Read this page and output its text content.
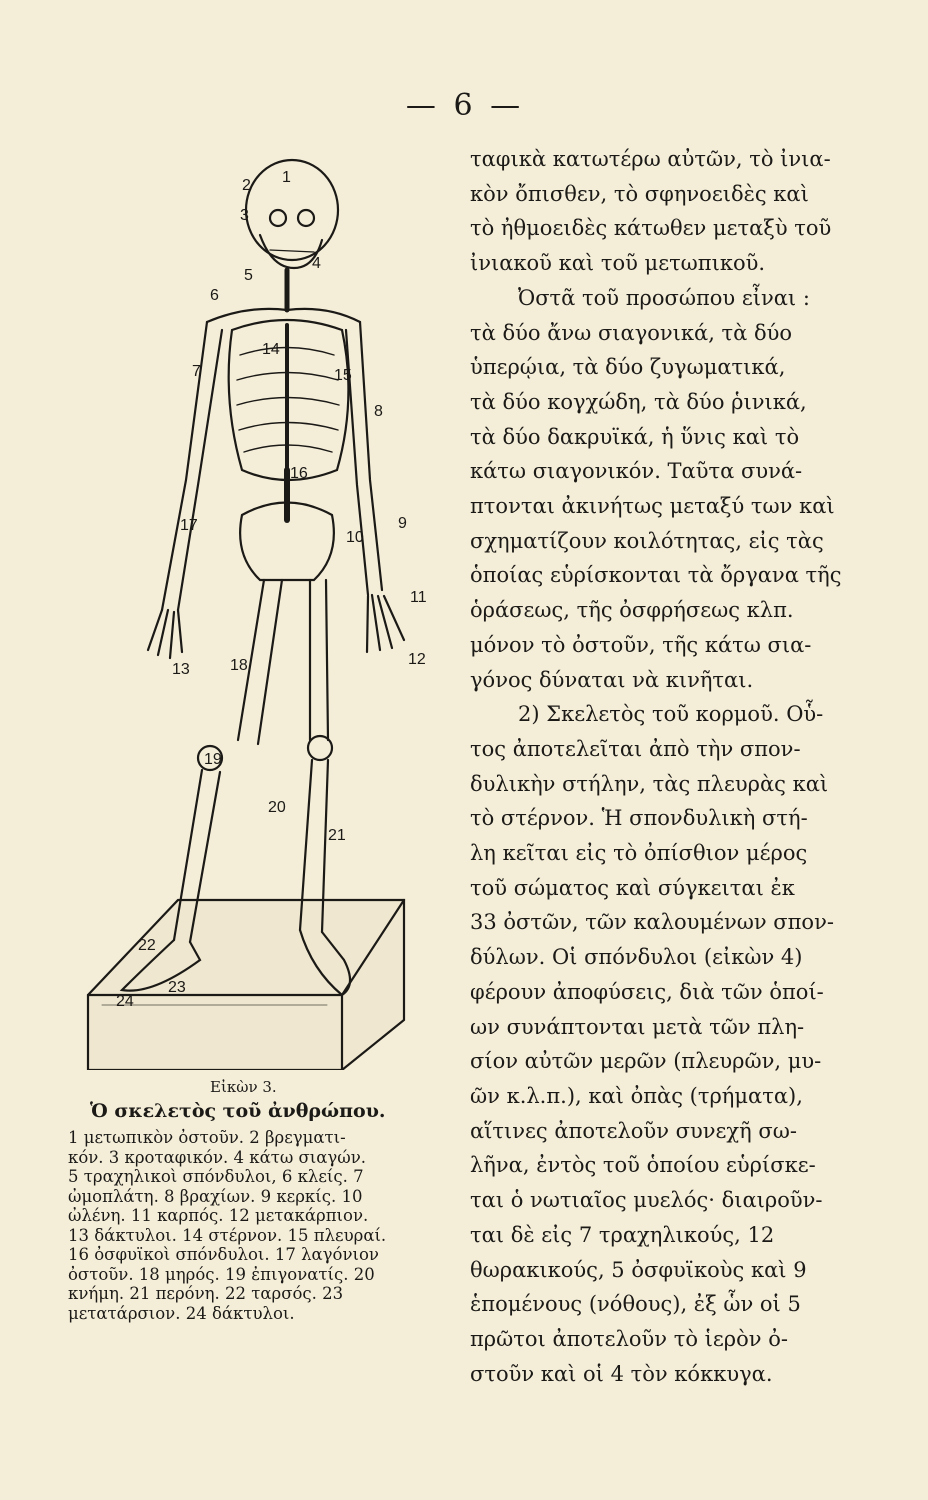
— 6 —
1
2
3
4
5
6
7
8
9
10
11
12
13
14
15
16
17
18
19
20
21
22
23
24
Εἰκὼν 3.
Ὁ σκελετὸς τοῦ ἀνθρώπου.
1 μετωπικὸν ὀστοῦν. 2 βρεγματι-
κόν. 3 κροταφικόν. 4 κάτω σιαγών.
5 τραχηλικοὶ σπόνδυλοι, 6 κλείς. 7
ὠμοπλάτη. 8 βραχίων. 9 κερκίς. 10
ὠλένη. 11 καρπός. 12 μετακάρπιον.
13 δάκτυλοι. 14 στέρνον. 15 πλευραί.
16 ὀσφυϊκοὶ σπόνδυλοι. 17 λαγόνιον
ὀστοῦν. 18 μηρός. 19 ἐπιγονατίς. 20
κνήμη. 21 περόνη. 22 ταρσός. 23
μετατάρσιον. 24 δάκτυλοι.
ταφικὰ κατωτέρω αὐτῶν, τὸ ἰνια-
κὸν ὄπισθεν, τὸ σφηνοειδὲς καὶ
τὸ ἠθμοειδὲς κάτωθεν μεταξὺ τοῦ
ἰνιακοῦ καὶ τοῦ μετωπικοῦ.
Ὀστᾶ τοῦ προσώπου εἶναι :
τὰ δύο ἄνω σιαγονικά, τὰ δύο
ὑπερῴια, τὰ δύο ζυγωματικά,
τὰ δύο κογχώδη, τὰ δύο ῥινικά,
τὰ δύο δακρυϊκά, ἡ ὕνις καὶ τὸ
κάτω σιαγονικόν. Ταῦτα συνά-
πτονται ἀκινήτως μεταξύ των καὶ
σχηματίζουν κοιλότητας, εἰς τὰς
ὁποίας εὑρίσκονται τὰ ὄργανα τῆς
ὁράσεως, τῆς ὀσφρήσεως κλπ.
μόνον τὸ ὀστοῦν, τῆς κάτω σια-
γόνος δύναται νὰ κινῆται.
2) Σκελετὸς τοῦ κορμοῦ. Οὗ-
τος ἀποτελεῖται ἀπὸ τὴν σπον-
δυλικὴν στήλην, τὰς πλευρὰς καὶ
τὸ στέρνον. Ἡ σπονδυλικὴ στή-
λη κεῖται εἰς τὸ ὀπίσθιον μέρος
τοῦ σώματος καὶ σύγκειται ἐκ
33 ὀστῶν, τῶν καλουμένων σπον-
δύλων. Οἱ σπόνδυλοι (εἰκὼν 4)
φέρουν ἀποφύσεις, διὰ τῶν ὁποί-
ων συνάπτονται μετὰ τῶν πλη-
σίον αὐτῶν μερῶν (πλευρῶν, μυ-
ῶν κ.λ.π.), καὶ ὀπὰς (τρήματα),
αἵτινες ἀποτελοῦν συνεχῆ σω-
λῆνα, ἐντὸς τοῦ ὁποίου εὑρίσκε-
ται ὁ νωτιαῖος μυελός· διαιροῦν-
ται δὲ εἰς 7 τραχηλικούς, 12
θωρακικούς, 5 ὀσφυϊκοὺς καὶ 9
ἑπομένους (νόθους), ἐξ ὧν οἱ 5
πρῶτοι ἀποτελοῦν τὸ ἱερὸν ὀ-
στοῦν καὶ οἱ 4 τὸν κόκκυγα.
